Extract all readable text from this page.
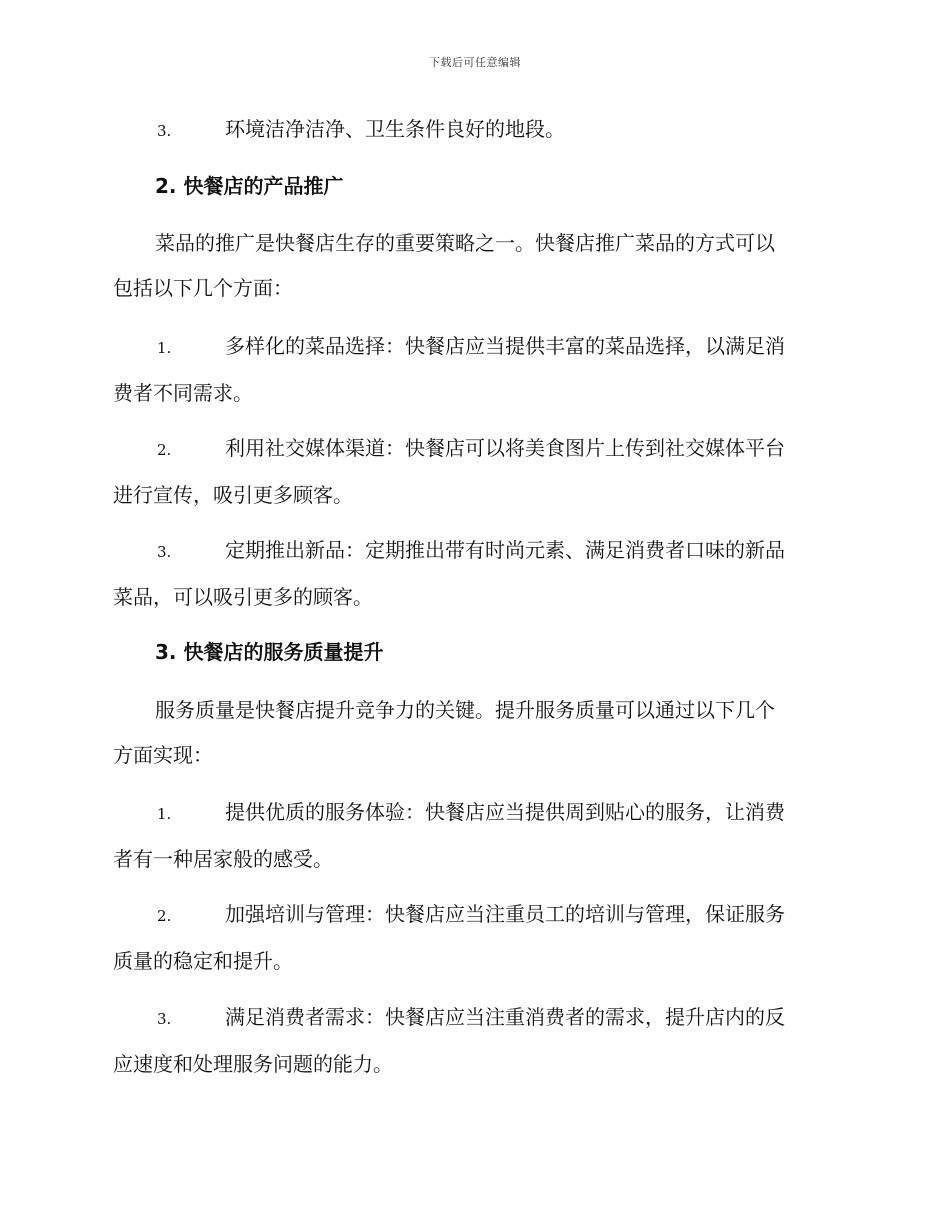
下载后可任意编辑
3.	环境洁净洁净、卫生条件良好的地段。
2. 快餐店的产品推广
菜品的推广是快餐店生存的重要策略之一。快餐店推广菜品的方式可以
包括以下几个方面：
1.	多样化的菜品选择：快餐店应当提供丰富的菜品选择，以满足消
费者不同需求。
2.	利用社交媒体渠道：快餐店可以将美食图片上传到社交媒体平台
进行宣传，吸引更多顾客。
3.	定期推出新品：定期推出带有时尚元素、满足消费者口味的新品
菜品，可以吸引更多的顾客。
3. 快餐店的服务质量提升
服务质量是快餐店提升竞争力的关键。提升服务质量可以通过以下几个
方面实现：
1.	提供优质的服务体验：快餐店应当提供周到贴心的服务，让消费
者有一种居家般的感受。
2.	加强培训与管理：快餐店应当注重员工的培训与管理，保证服务
质量的稳定和提升。
3.	满足消费者需求：快餐店应当注重消费者的需求，提升店内的反
应速度和处理服务问题的能力。
